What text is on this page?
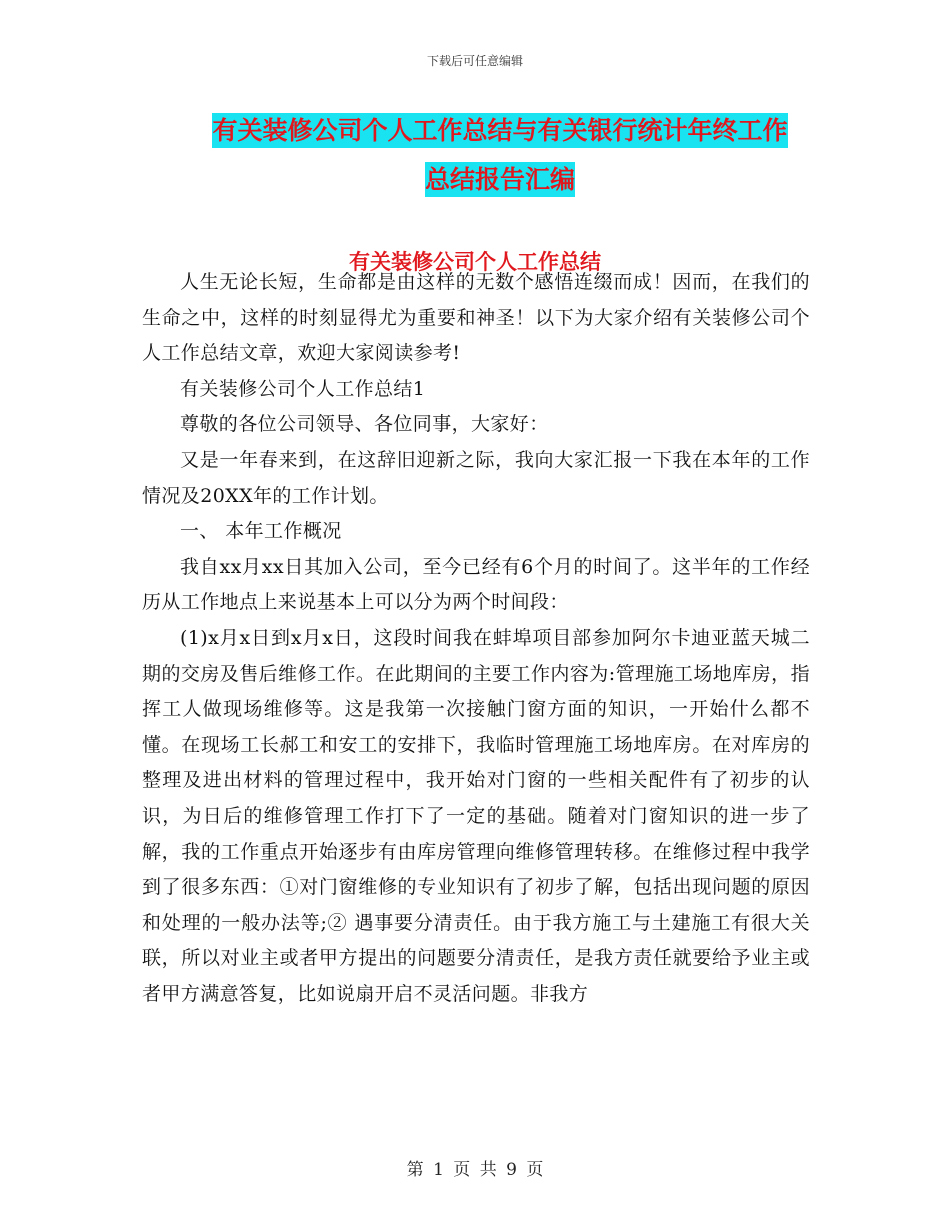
下载后可任意编辑
有关装修公司个人工作总结与有关银行统计年终工作
总结报告汇编
有关装修公司个人工作总结

人生无论长短，生命都是由这样的无数个感悟连缀而成！因而，在我们的生命之中，这样的时刻显得尤为重要和神圣！以下为大家介绍有关装修公司个人工作总结文章，欢迎大家阅读参考!

有关装修公司个人工作总结1

尊敬的各位公司领导、各位同事，大家好：

又是一年春来到，在这辞旧迎新之际，我向大家汇报一下我在本年的工作情况及20XX年的工作计划。

一、 本年工作概况

我自xx月xx日其加入公司，至今已经有6个月的时间了。这半年的工作经历从工作地点上来说基本上可以分为两个时间段：

(1)x月x日到x月x日，这段时间我在蚌埠项目部参加阿尔卡迪亚蓝天城二期的交房及售后维修工作。在此期间的主要工作内容为:管理施工场地库房，指挥工人做现场维修等。这是我第一次接触门窗方面的知识，一开始什么都不懂。在现场工长郝工和安工的安排下，我临时管理施工场地库房。在对库房的整理及进出材料的管理过程中，我开始对门窗的一些相关配件有了初步的认识，为日后的维修管理工作打下了一定的基础。随着对门窗知识的进一步了解，我的工作重点开始逐步有由库房管理向维修管理转移。在维修过程中我学到了很多东西：①对门窗维修的专业知识有了初步了解，包括出现问题的原因和处理的一般办法等;② 遇事要分清责任。由于我方施工与土建施工有很大关联，所以对业主或者甲方提出的问题要分清责任，是我方责任就要给予业主或者甲方满意答复，比如说扇开启不灵活问题。非我方

第 1 页 共 9 页
